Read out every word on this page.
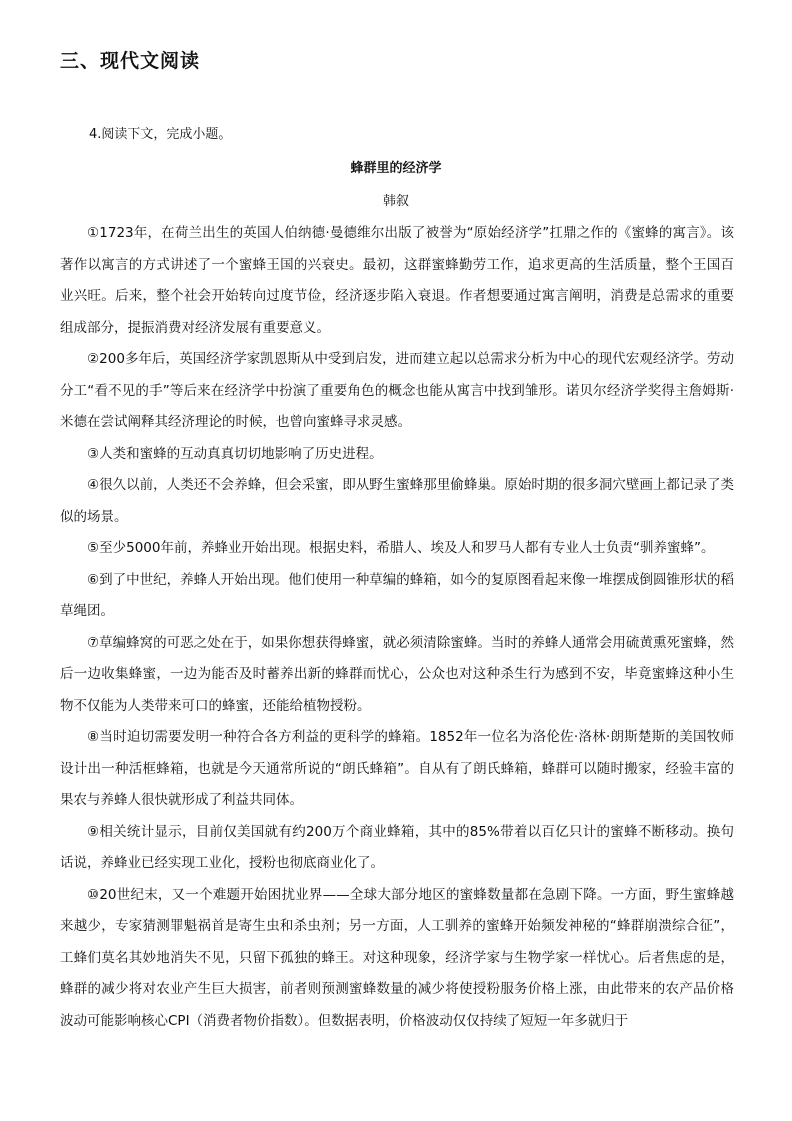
三、现代文阅读

4.阅读下文，完成小题。

蜂群里的经济学

韩叙

①1723年，在荷兰出生的英国人伯纳德·曼德维尔出版了被誉为“原始经济学”扛鼎之作的《蜜蜂的寓言》。该著作以寓言的方式讲述了一个蜜蜂王国的兴衰史。最初，这群蜜蜂勤劳工作，追求更高的生活质量，整个王国百业兴旺。后来，整个社会开始转向过度节俭，经济逐步陷入衰退。作者想要通过寓言阐明，消费是总需求的重要组成部分，提振消费对经济发展有重要意义。

②200多年后，英国经济学家凯恩斯从中受到启发，进而建立起以总需求分析为中心的现代宏观经济学。劳动分工“看不见的手”等后来在经济学中扮演了重要角色的概念也能从寓言中找到雏形。诺贝尔经济学奖得主詹姆斯·米德在尝试阐释其经济理论的时候，也曾向蜜蜂寻求灵感。

③人类和蜜蜂的互动真真切切地影响了历史进程。

④很久以前，人类还不会养蜂，但会采蜜，即从野生蜜蜂那里偷蜂巢。原始时期的很多洞穴壁画上都记录了类似的场景。

⑤至少5000年前，养蜂业开始出现。根据史料，希腊人、埃及人和罗马人都有专业人士负责“驯养蜜蜂”。

⑥到了中世纪，养蜂人开始出现。他们使用一种草编的蜂箱，如今的复原图看起来像一堆摆成倒圆锥形状的稻草绳团。

⑦草编蜂窝的可恶之处在于，如果你想获得蜂蜜，就必须清除蜜蜂。当时的养蜂人通常会用硫黄熏死蜜蜂，然后一边收集蜂蜜，一边为能否及时蓄养出新的蜂群而忧心，公众也对这种杀生行为感到不安，毕竟蜜蜂这种小生物不仅能为人类带来可口的蜂蜜，还能给植物授粉。

⑧当时迫切需要发明一种符合各方利益的更科学的蜂箱。1852年一位名为洛伦佐·洛林·朗斯楚斯的美国牧师设计出一种活框蜂箱，也就是今天通常所说的“朗氏蜂箱”。自从有了朗氏蜂箱，蜂群可以随时搬家，经验丰富的果农与养蜂人很快就形成了利益共同体。

⑨相关统计显示，目前仅美国就有约200万个商业蜂箱，其中的85%带着以百亿只计的蜜蜂不断移动。换句话说，养蜂业已经实现工业化，授粉也彻底商业化了。

⑩20世纪末，又一个难题开始困扰业界——全球大部分地区的蜜蜂数量都在急剧下降。一方面，野生蜜蜂越来越少，专家猜测罪魁祸首是寄生虫和杀虫剂；另一方面，人工驯养的蜜蜂开始频发神秘的“蜂群崩溃综合征”，工蜂们莫名其妙地消失不见，只留下孤独的蜂王。对这种现象，经济学家与生物学家一样忧心。后者焦虑的是，蜂群的减少将对农业产生巨大损害，前者则预测蜜蜂数量的减少将使授粉服务价格上涨，由此带来的农产品价格波动可能影响核心CPI（消费者物价指数）。但数据表明，价格波动仅仅持续了短短一年多就归于
